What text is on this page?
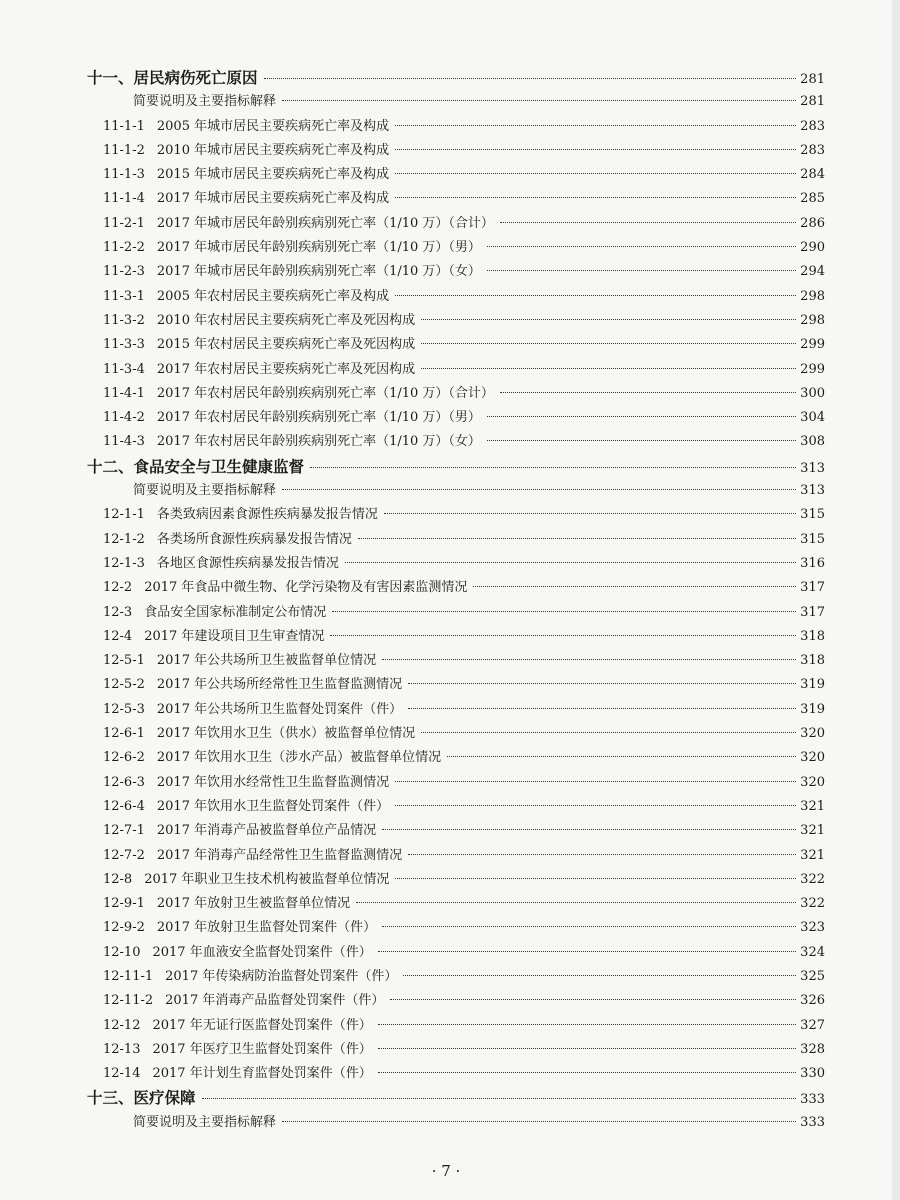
十一、居民病伤死亡原因	281
简要说明及主要指标解释	281
11-1-1 2005 年城市居民主要疾病死亡率及构成	283
11-1-2 2010 年城市居民主要疾病死亡率及构成	283
11-1-3 2015 年城市居民主要疾病死亡率及构成	284
11-1-4 2017 年城市居民主要疾病死亡率及构成	285
11-2-1 2017 年城市居民年龄别疾病别死亡率（1/10 万）（合计）	286
11-2-2 2017 年城市居民年龄别疾病别死亡率（1/10 万）（男）	290
11-2-3 2017 年城市居民年龄别疾病别死亡率（1/10 万）（女）	294
11-3-1 2005 年农村居民主要疾病死亡率及构成	298
11-3-2 2010 年农村居民主要疾病死亡率及死因构成	298
11-3-3 2015 年农村居民主要疾病死亡率及死因构成	299
11-3-4 2017 年农村居民主要疾病死亡率及死因构成	299
11-4-1 2017 年农村居民年龄别疾病别死亡率（1/10 万）（合计）	300
11-4-2 2017 年农村居民年龄别疾病别死亡率（1/10 万）（男）	304
11-4-3 2017 年农村居民年龄别疾病别死亡率（1/10 万）（女）	308
十二、食品安全与卫生健康监督	313
简要说明及主要指标解释	313
12-1-1 各类致病因素食源性疾病暴发报告情况	315
12-1-2 各类场所食源性疾病暴发报告情况	315
12-1-3 各地区食源性疾病暴发报告情况	316
12-2 2017 年食品中微生物、化学污染物及有害因素监测情况	317
12-3 食品安全国家标准制定公布情况	317
12-4 2017 年建设项目卫生审查情况	318
12-5-1 2017 年公共场所卫生被监督单位情况	318
12-5-2 2017 年公共场所经常性卫生监督监测情况	319
12-5-3 2017 年公共场所卫生监督处罚案件（件）	319
12-6-1 2017 年饮用水卫生（供水）被监督单位情况	320
12-6-2 2017 年饮用水卫生（涉水产品）被监督单位情况	320
12-6-3 2017 年饮用水经常性卫生监督监测情况	320
12-6-4 2017 年饮用水卫生监督处罚案件（件）	321
12-7-1 2017 年消毒产品被监督单位产品情况	321
12-7-2 2017 年消毒产品经常性卫生监督监测情况	321
12-8 2017 年职业卫生技术机构被监督单位情况	322
12-9-1 2017 年放射卫生被监督单位情况	322
12-9-2 2017 年放射卫生监督处罚案件（件）	323
12-10 2017 年血液安全监督处罚案件（件）	324
12-11-1 2017 年传染病防治监督处罚案件（件）	325
12-11-2 2017 年消毒产品监督处罚案件（件）	326
12-12 2017 年无证行医监督处罚案件（件）	327
12-13 2017 年医疗卫生监督处罚案件（件）	328
12-14 2017 年计划生育监督处罚案件（件）	330
十三、医疗保障	333
简要说明及主要指标解释	333
· 7 ·
